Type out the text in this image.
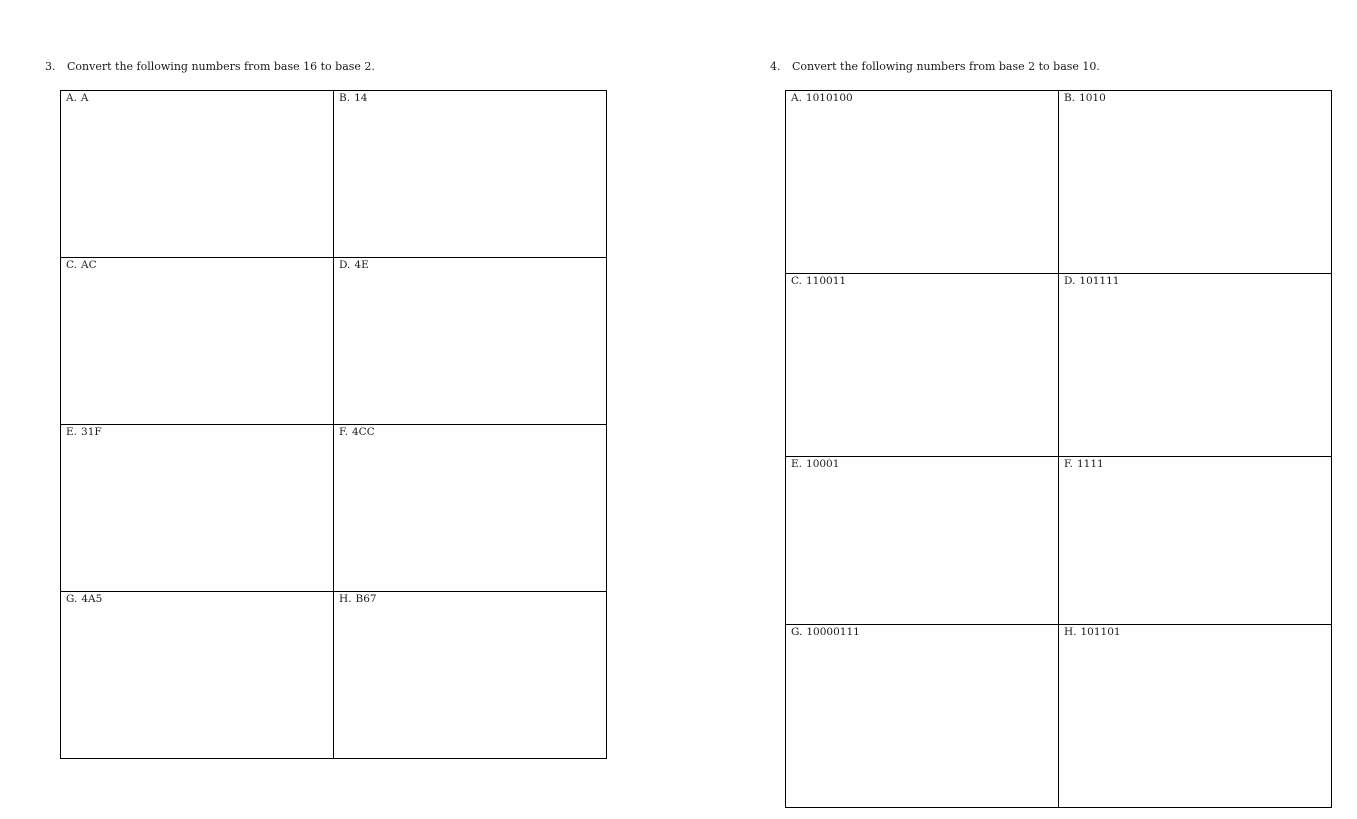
3. Convert the following numbers from base 16 to base 2.
A. A	B. 14

C. AC	D. 4E

E. 31F	F. 4CC

G. 4A5	H. B67
4. Convert the following numbers from base 2 to base 10.
A. 1010100	B. 1010

C. 110011	D. 101111

E. 10001	F. 1111

G. 10000111	H. 101101
